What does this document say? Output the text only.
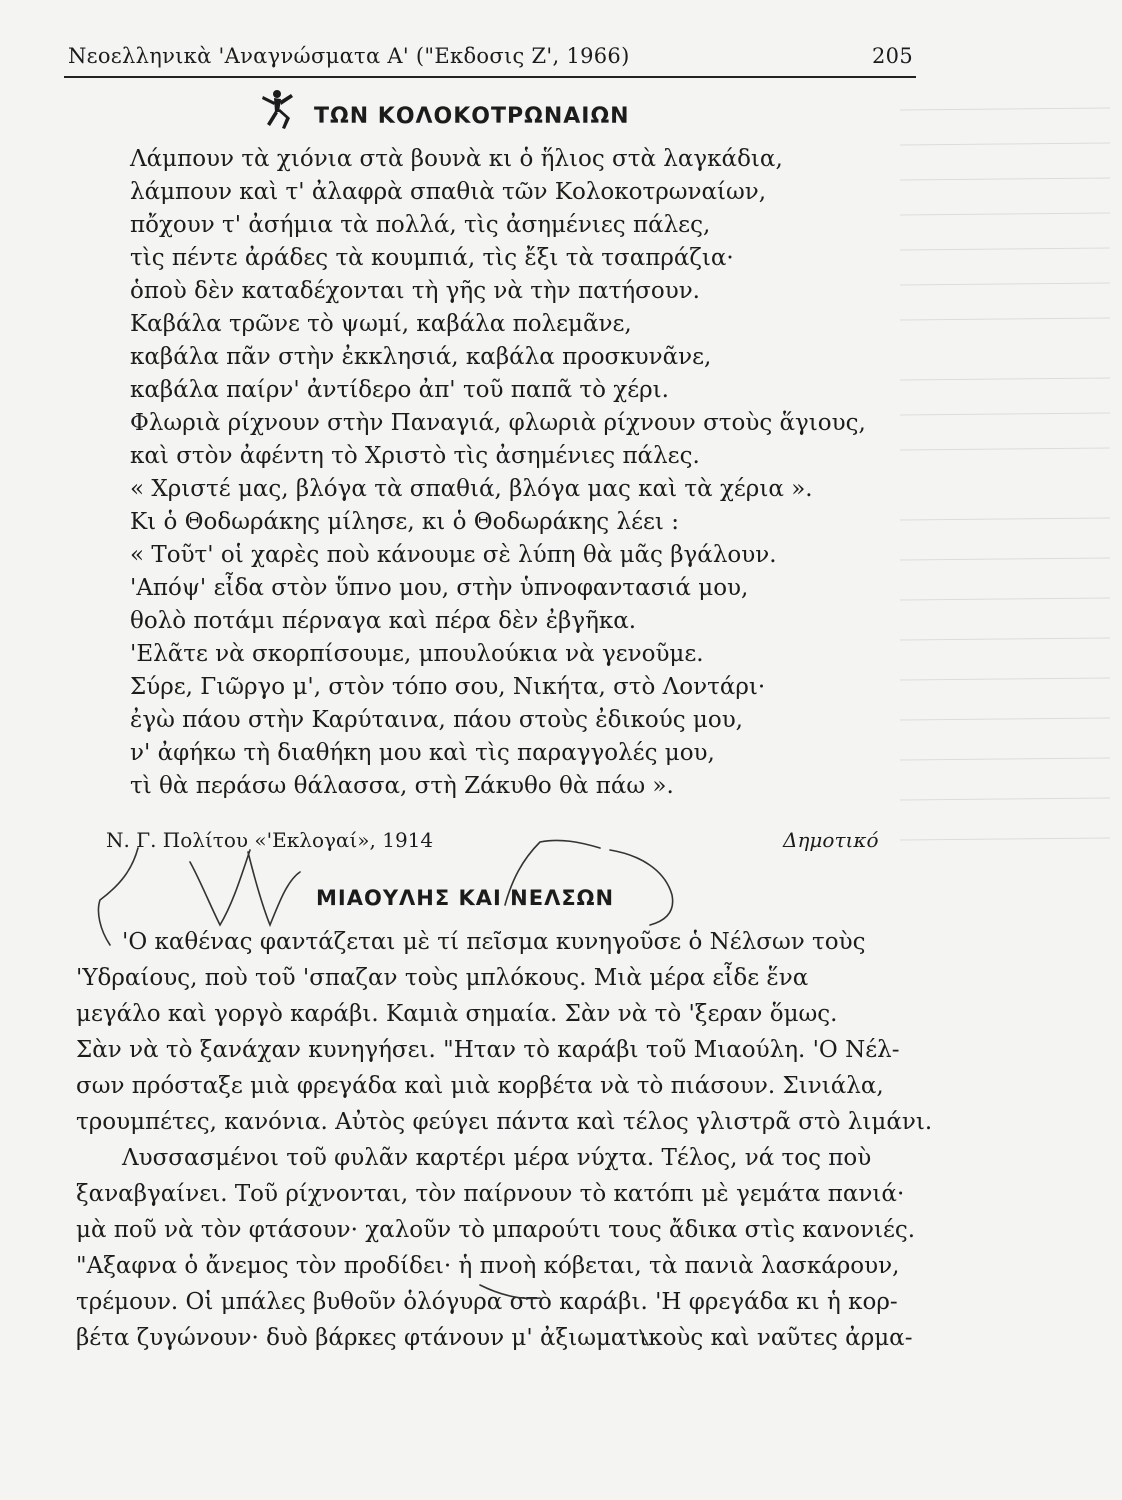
Νεοελληνικὰ 'Αναγνώσματα Α' ("Εκδοσις Ζ', 1966)	205
ΤΩΝ ΚΟΛΟΚΟΤΡΩΝΑΙΩΝ
Λάμπουν τὰ χιόνια στὰ βουνὰ κι ὁ ἥλιος στὰ λαγκάδια,
λάμπουν καὶ τ' ἀλαφρὰ σπαθιὰ τῶν Κολοκοτρωναίων,
πὄχουν τ' ἀσήμια τὰ πολλά, τὶς ἀσημένιες πάλες,
τὶς πέντε ἀράδες τὰ κουμπιά, τὶς ἔξι τὰ τσαπράζια·
ὁποὺ δὲν καταδέχονται τὴ γῆς νὰ τὴν πατήσουν.
Καβάλα τρῶνε τὸ ψωμί, καβάλα πολεμᾶνε,
καβάλα πᾶν στὴν ἐκκλησιά, καβάλα προσκυνᾶνε,
καβάλα παίρν' ἀντίδερο ἀπ' τοῦ παπᾶ τὸ χέρι.
Φλωριὰ ρίχνουν στὴν Παναγιά, φλωριὰ ρίχνουν στοὺς ἅγιους,
καὶ στὸν ἀφέντη τὸ Χριστὸ τὶς ἀσημένιες πάλες.
« Χριστέ μας, βλόγα τὰ σπαθιά, βλόγα μας καὶ τὰ χέρια ».
Κι ὁ Θοδωράκης μίλησε, κι ὁ Θοδωράκης λέει :
« Τοῦτ' οἱ χαρὲς ποὺ κάνουμε σὲ λύπη θὰ μᾶς βγάλουν.
'Απόψ' εἶδα στὸν ὕπνο μου, στὴν ὑπνοφαντασιά μου,
θολὸ ποτάμι πέρναγα καὶ πέρα δὲν ἐβγῆκα.
'Ελᾶτε νὰ σκορπίσουμε, μπουλούκια νὰ γενοῦμε.
Σύρε, Γιῶργο μ', στὸν τόπο σου, Νικήτα, στὸ Λοντάρι·
ἐγὼ πάου στὴν Καρύταινα, πάου στοὺς ἐδικούς μου,
ν' ἀφήκω τὴ διαθήκη μου καὶ τὶς παραγγολές μου,
τὶ θὰ περάσω θάλασσα, στὴ Ζάκυθο θὰ πάω ».
Ν. Γ. Πολίτου «'Εκλογαί», 1914	Δημοτικό
ΜΙΑΟΥΛΗΣ ΚΑΙ ΝΕΛΣΩΝ
'Ο καθένας φαντάζεται μὲ τί πεῖσμα κυνηγοῦσε ὁ Νέλσων τοὺς
'Υδραίους, ποὺ τοῦ 'σπαζαν τοὺς μπλόκους. Μιὰ μέρα εἶδε ἕνα
μεγάλο καὶ γοργὸ καράβι. Καμιὰ σημαία. Σὰν νὰ τὸ 'ξεραν ὅμως.
Σὰν νὰ τὸ ξανάχαν κυνηγήσει. "Ηταν τὸ καράβι τοῦ Μιαούλη. 'Ο Νέλ-
σων πρόσταξε μιὰ φρεγάδα καὶ μιὰ κορβέτα νὰ τὸ πιάσουν. Σινιάλα,
τρουμπέτες, κανόνια. Αὐτὸς φεύγει πάντα καὶ τέλος γλιστρᾶ στὸ λιμάνι.
Λυσσασμένοι τοῦ φυλᾶν καρτέρι μέρα νύχτα. Τέλος, νά τος ποὺ
ξαναβγαίνει. Τοῦ ρίχνονται, τὸν παίρνουν τὸ κατόπι μὲ γεμάτα πανιά·
μὰ ποῦ νὰ τὸν φτάσουν· χαλοῦν τὸ μπαρούτι τους ἄδικα στὶς κανονιές.
"Αξαφνα ὁ ἄνεμος τὸν προδίδει· ἡ πνοὴ κόβεται, τὰ πανιὰ λασκάρουν,
τρέμουν. Οἱ μπάλες βυθοῦν ὁλόγυρα στὸ καράβι. 'Η φρεγάδα κι ἡ κορ-
βέτα ζυγώνουν· δυὸ βάρκες φτάνουν μ' ἀξιωματικοὺς καὶ ναῦτες ἀρμα-
